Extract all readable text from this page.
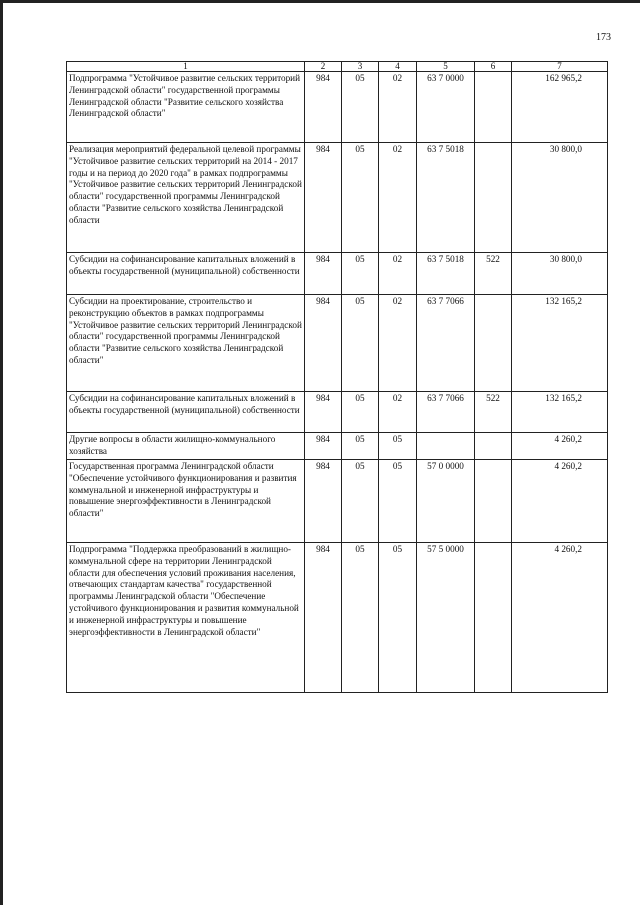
173
1	2	3	4	5	6	7
Подпрограмма "Устойчивое развитие сельских территорий Ленинградской области" государственной программы Ленинградской области "Развитие сельского хозяйства Ленинградской области"	984	05	02	63 7 0000		162 965,2
Реализация мероприятий федеральной целевой программы "Устойчивое развитие сельских территорий на 2014 - 2017 годы и на период до 2020 года" в рамках подпрограммы "Устойчивое развитие сельских территорий Ленинградской области" государственной программы Ленинградской области "Развитие сельского хозяйства Ленинградской области	984	05	02	63 7 5018		30 800,0
Субсидии на софинансирование капитальных вложений в объекты государственной (муниципальной) собственности	984	05	02	63 7 5018	522	30 800,0
Субсидии на проектирование, строительство и реконструкцию объектов в рамках подпрограммы "Устойчивое развитие сельских территорий Ленинградской области" государственной программы Ленинградской области "Развитие сельского хозяйства Ленинградской области"	984	05	02	63 7 7066		132 165,2
Субсидии на софинансирование капитальных вложений в объекты государственной (муниципальной) собственности	984	05	02	63 7 7066	522	132 165,2
Другие вопросы в области жилищно-коммунального хозяйства	984	05	05			4 260,2
Государственная программа Ленинградской области "Обеспечение устойчивого функционирования и развития коммунальной и инженерной инфраструктуры и повышение энергоэффективности в Ленинградской области"	984	05	05	57 0 0000		4 260,2
Подпрограмма "Поддержка преобразований в жилищно-коммунальной сфере на территории Ленинградской области для обеспечения условий проживания населения, отвечающих стандартам качества" государственной программы Ленинградской области "Обеспечение устойчивого функционирования и развития коммунальной и инженерной инфраструктуры и повышение энергоэффективности в Ленинградской области"	984	05	05	57 5 0000		4 260,2
